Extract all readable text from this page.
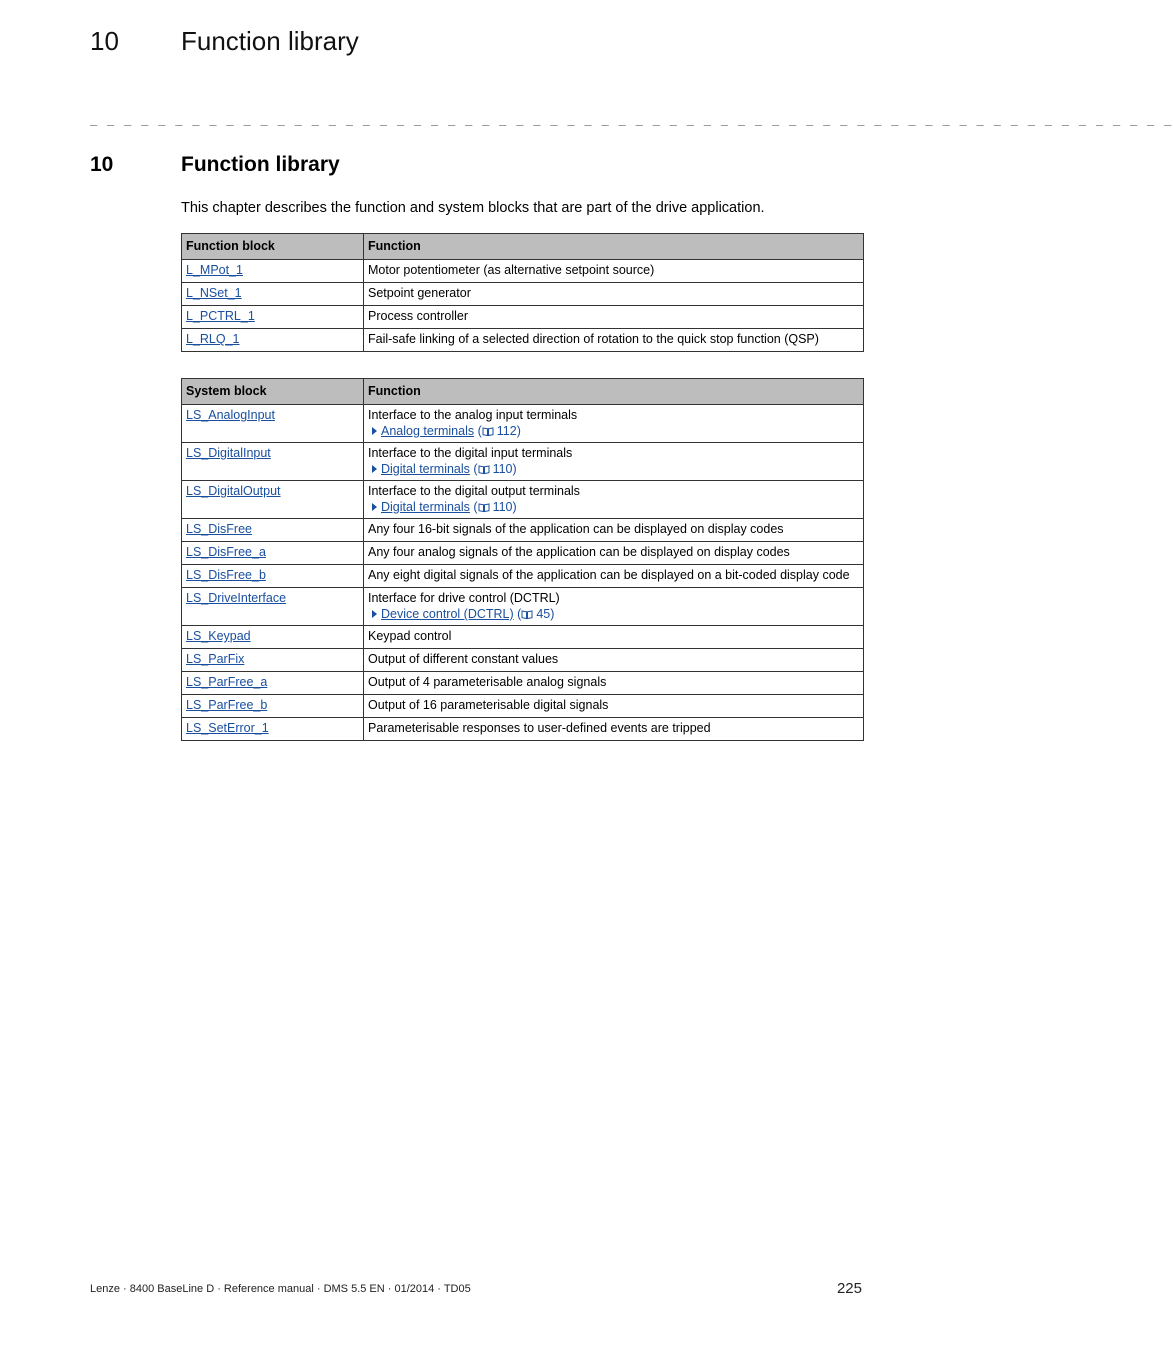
10 Function library
_ _ _ _ _ _ _ _ _ _ _ _ _ _ _ _ _ _ _ _ _ _ _ _ _ _ _ _ _ _ _ _ _ _ _ _ _ _ _ _ _ _ _ _ _ _ _ _ _ _ _ _ _ _ _ _ _ _ _ _ _ _ _ _
10	Function library
This chapter describes the function and system blocks that are part of the drive application.
Function block	Function
L_MPot_1	Motor potentiometer (as alternative setpoint source)
L_NSet_1	Setpoint generator
L_PCTRL_1	Process controller
L_RLQ_1	Fail-safe linking of a selected direction of rotation to the quick stop function (QSP)
System block	Function
LS_AnalogInput	Interface to the analog input terminals
Analog terminals ( 112)

LS_DigitalInput	Interface to the digital input terminals
Digital terminals ( 110)

LS_DigitalOutput	Interface to the digital output terminals
Digital terminals ( 110)

LS_DisFree	Any four 16-bit signals of the application can be displayed on display codes
LS_DisFree_a	Any four analog signals of the application can be displayed on display codes
LS_DisFree_b	Any eight digital signals of the application can be displayed on a bit-coded display code
LS_DriveInterface	Interface for drive control (DCTRL)
Device control (DCTRL) ( 45)

LS_Keypad	Keypad control
LS_ParFix	Output of different constant values
LS_ParFree_a	Output of 4 parameterisable analog signals
LS_ParFree_b	Output of 16 parameterisable digital signals
LS_SetError_1	Parameterisable responses to user-defined events are tripped
Lenze · 8400 BaseLine D · Reference manual · DMS 5.5 EN · 01/2014 · TD05	225
